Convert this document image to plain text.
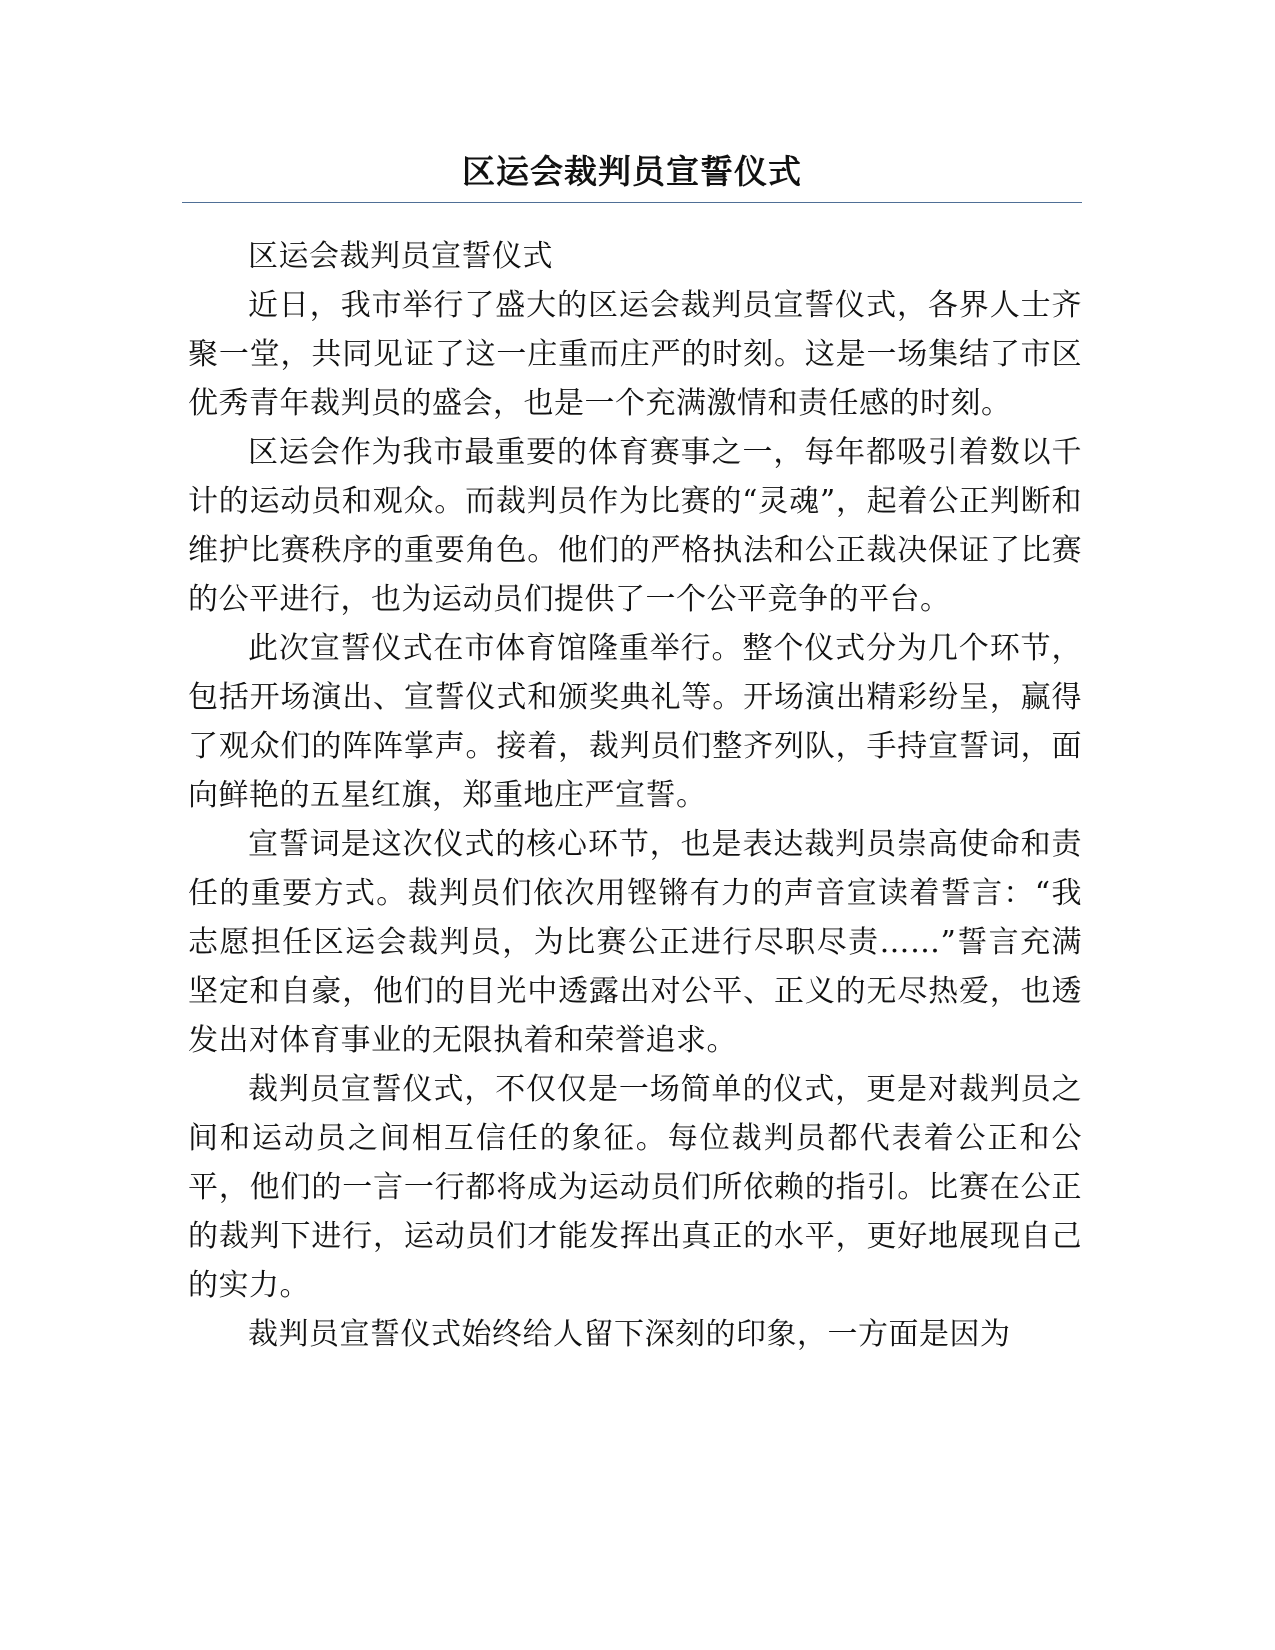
区运会裁判员宣誓仪式

区运会裁判员宣誓仪式

近日，我市举行了盛大的区运会裁判员宣誓仪式，各界人士齐聚一堂，共同见证了这一庄重而庄严的时刻。这是一场集结了市区优秀青年裁判员的盛会，也是一个充满激情和责任感的时刻。

区运会作为我市最重要的体育赛事之一，每年都吸引着数以千计的运动员和观众。而裁判员作为比赛的“灵魂”，起着公正判断和维护比赛秩序的重要角色。他们的严格执法和公正裁决保证了比赛的公平进行，也为运动员们提供了一个公平竞争的平台。

此次宣誓仪式在市体育馆隆重举行。整个仪式分为几个环节，包括开场演出、宣誓仪式和颁奖典礼等。开场演出精彩纷呈，赢得了观众们的阵阵掌声。接着，裁判员们整齐列队，手持宣誓词，面向鲜艳的五星红旗，郑重地庄严宣誓。

宣誓词是这次仪式的核心环节，也是表达裁判员崇高使命和责任的重要方式。裁判员们依次用铿锵有力的声音宣读着誓言：“我志愿担任区运会裁判员，为比赛公正进行尽职尽责……”誓言充满坚定和自豪，他们的目光中透露出对公平、正义的无尽热爱，也透发出对体育事业的无限执着和荣誉追求。

裁判员宣誓仪式，不仅仅是一场简单的仪式，更是对裁判员之间和运动员之间相互信任的象征。每位裁判员都代表着公正和公平，他们的一言一行都将成为运动员们所依赖的指引。比赛在公正的裁判下进行，运动员们才能发挥出真正的水平，更好地展现自己的实力。

裁判员宣誓仪式始终给人留下深刻的印象，一方面是因为
